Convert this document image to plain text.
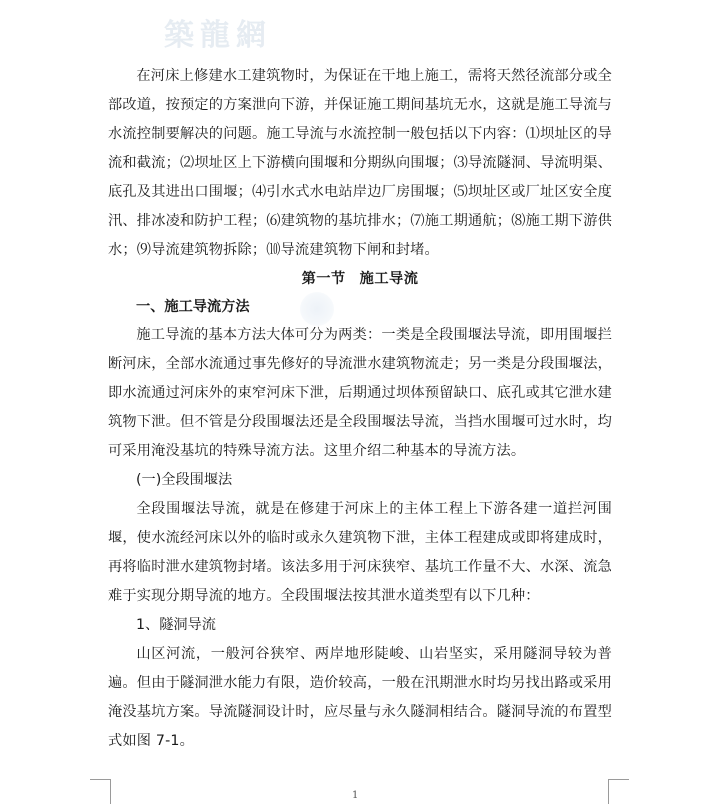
築龍網

在河床上修建水工建筑物时，为保证在干地上施工，需将天然径流部分或全部改道，按预定的方案泄向下游，并保证施工期间基坑无水，这就是施工导流与水流控制要解决的问题。施工导流与水流控制一般包括以下内容：⑴坝址区的导流和截流；⑵坝址区上下游横向围堰和分期纵向围堰；⑶导流隧洞、导流明渠、底孔及其进出口围堰；⑷引水式水电站岸边厂房围堰；⑸坝址区或厂址区安全度汛、排冰凌和防护工程；⑹建筑物的基坑排水；⑺施工期通航；⑻施工期下游供水；⑼导流建筑物拆除；⑽导流建筑物下闸和封堵。

第一节 施工导流

一、施工导流方法

施工导流的基本方法大体可分为两类：一类是全段围堰法导流，即用围堰拦断河床，全部水流通过事先修好的导流泄水建筑物流走；另一类是分段围堰法，即水流通过河床外的束窄河床下泄，后期通过坝体预留缺口、底孔或其它泄水建筑物下泄。但不管是分段围堰法还是全段围堰法导流，当挡水围堰可过水时，均可采用淹没基坑的特殊导流方法。这里介绍二种基本的导流方法。

(一)全段围堰法

全段围堰法导流，就是在修建于河床上的主体工程上下游各建一道拦河围堰，使水流经河床以外的临时或永久建筑物下泄，主体工程建成或即将建成时，再将临时泄水建筑物封堵。该法多用于河床狭窄、基坑工作量不大、水深、流急难于实现分期导流的地方。全段围堰法按其泄水道类型有以下几种：

1、隧洞导流

山区河流，一般河谷狭窄、两岸地形陡峻、山岩坚实，采用隧洞导较为普遍。但由于隧洞泄水能力有限，造价较高，一般在汛期泄水时均另找出路或采用淹没基坑方案。导流隧洞设计时，应尽量与永久隧洞相结合。隧洞导流的布置型式如图 7-1。

1
